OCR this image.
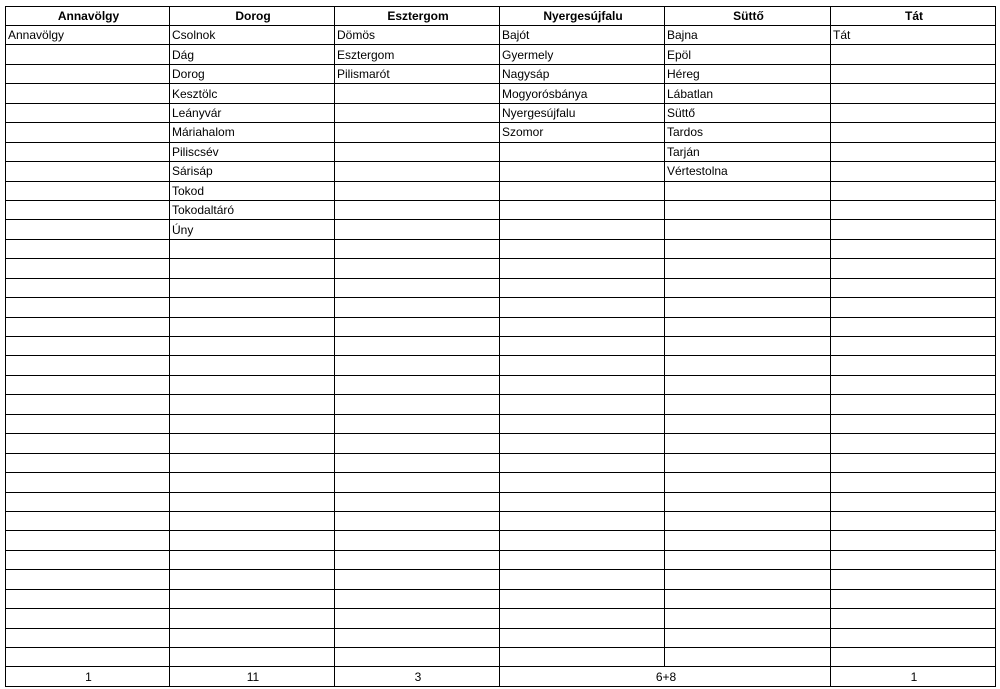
Annavölgy	Dorog	Esztergom	Nyergesújfalu	Süttő	Tát
Annavölgy	Csolnok	Dömös	Bajót	Bajna	Tát
	Dág	Esztergom	Gyermely	Epöl	
	Dorog	Pilismarót	Nagysáp	Héreg	
	Kesztölc		Mogyorósbánya	Lábatlan	
	Leányvár		Nyergesújfalu	Süttő	
	Máriahalom		Szomor	Tardos	
	Piliscsév			Tarján	
	Sárisáp			Vértestolna	
	Tokod				
	Tokodaltáró				
	Úny				

1	11	3	6+8		1
